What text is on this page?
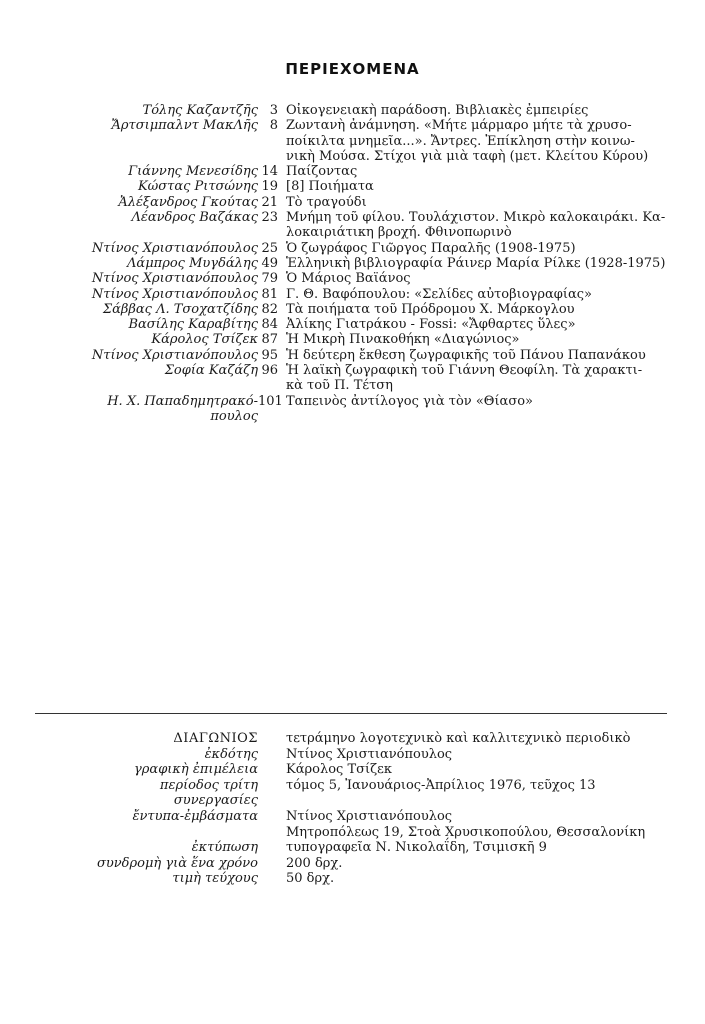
ΠΕΡΙΕΧΟΜΕΝΑ
Τόλης Καζαντζῆς 3 Οἰκογενειακὴ παράδοση. Βιβλιακὲς ἐμπειρίες
Ἄρτσιμπαλντ ΜακΛῆς 8 Ζωντανὴ ἀνάμνηση. «Μήτε μάρμαρο μήτε τὰ χρυσο-
ποίκιλτα μνημεῖα...». Ἄντρες. Ἐπίκληση στὴν κοινω-
νικὴ Μούσα. Στίχοι γιὰ μιὰ ταφὴ (μετ. Κλείτου Κύρου)
Γιάννης Μενεσίδης 14 Παίζοντας
Κώστας Ριτσώνης 19 [8] Ποιήματα
Ἀλέξανδρος Γκούτας 21 Τὸ τραγούδι
Λέανδρος Βαζάκας 23 Μνήμη τοῦ φίλου. Τουλάχιστον. Μικρὸ καλοκαιράκι. Κα-
λοκαιριάτικη βροχή. Φθινοπωρινὸ
Ντίνος Χριστιανόπουλος 25 Ὁ ζωγράφος Γιῶργος Παραλῆς (1908-1975)
Λάμπρος Μυγδάλης 49 Ἑλληνικὴ βιβλιογραφία Ράινερ Μαρία Ρίλκε (1928-1975)
Ντίνος Χριστιανόπουλος 79 Ὁ Μάριος Βαϊάνος
Ντίνος Χριστιανόπουλος 81 Γ. Θ. Βαφόπουλου: «Σελίδες αὐτοβιογραφίας»
Σάββας Λ. Τσοχατζίδης 82 Τὰ ποιήματα τοῦ Πρόδρομου Χ. Μάρκογλου
Βασίλης Καραβίτης 84 Ἀλίκης Γιατράκου - Fossi: «Ἄφθαρτες ὕλες»
Κάρολος Τσίζεκ 87 Ἡ Μικρὴ Πινακοθήκη «Διαγώνιος»
Ντίνος Χριστιανόπουλος 95 Ἡ δεύτερη ἔκθεση ζωγραφικῆς τοῦ Πάνου Παπανάκου
Σοφία Καζάζη 96 Ἡ λαϊκὴ ζωγραφικὴ τοῦ Γιάννη Θεοφίλη. Τὰ χαρακτι-
κὰ τοῦ Π. Τέτση
Η. Χ. Παπαδημητρακό-
πουλος
101 Ταπεινὸς ἀντίλογος γιὰ τὸν «Θίασο»
ΔΙΑΓΩΝΙΟΣ τετράμηνο λογοτεχνικὸ καὶ καλλιτεχνικὸ περιοδικὸ
ἐκδότης Ντίνος Χριστιανόπουλος
γραφικὴ ἐπιμέλεια Κάρολος Τσίζεκ
περίοδος τρίτη τόμος 5, Ἰανουάριος-Ἀπρίλιος 1976, τεῦχος 13
συνεργασίες
ἔντυπα-ἐμβάσματα Ντίνος Χριστιανόπουλος
Μητροπόλεως 19, Στοὰ Χρυσικοπούλου, Θεσσαλονίκη
ἐκτύπωση τυπογραφεῖα Ν. Νικολαΐδη, Τσιμισκῆ 9
συνδρομὴ γιὰ ἕνα χρόνο 200 δρχ.
τιμὴ τεύχους 50 δρχ.
